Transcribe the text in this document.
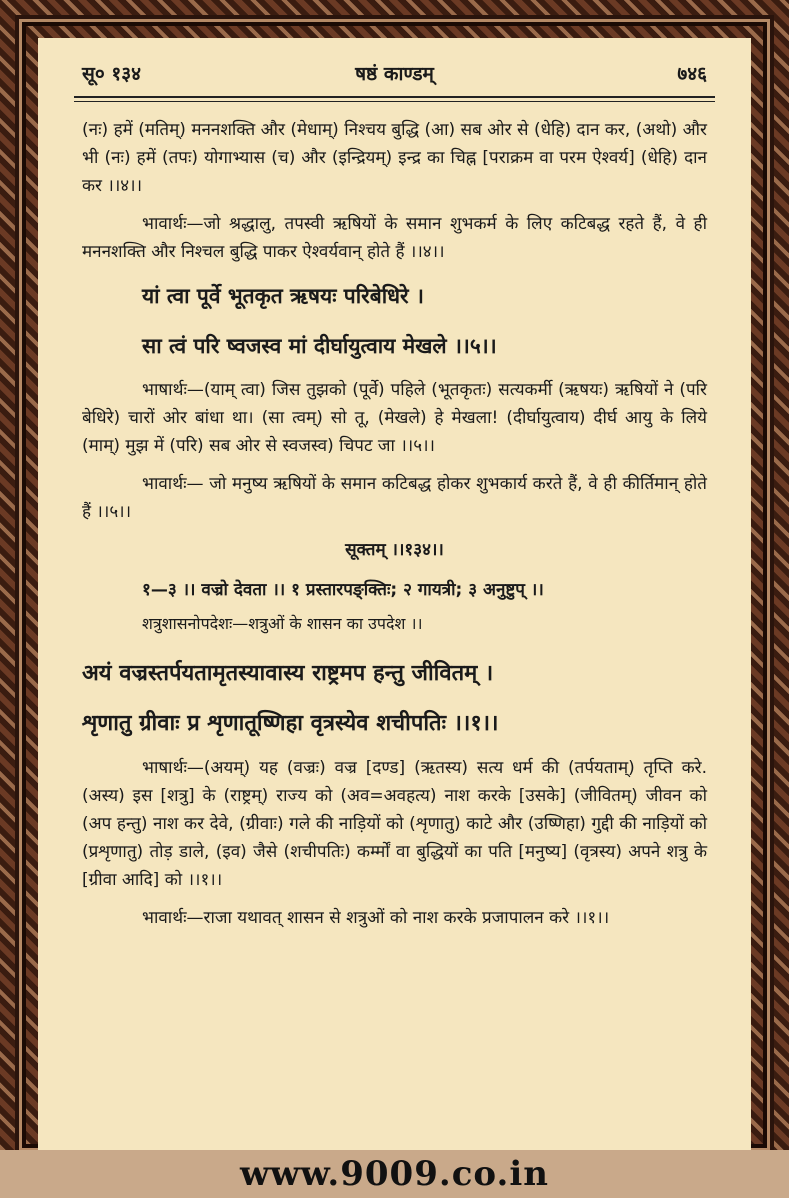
सू० १३४	षष्ठं काण्डम्	७४६

(नः) हमें (मतिम्) मननशक्ति और (मेधाम्) निश्चय बुद्धि (आ) सब ओर से (धेहि) दान कर, (अथो) और भी (नः) हमें (तपः) योगाभ्यास (च) और (इन्द्रियम्) इन्द्र का चिह्न [पराक्रम वा परम ऐश्वर्य] (धेहि) दान कर ।।४।।

भावार्थः—जो श्रद्धालु, तपस्वी ऋषियों के समान शुभकर्म के लिए कटिबद्ध रहते हैं, वे ही मननशक्ति और निश्चल बुद्धि पाकर ऐश्वर्यवान् होते हैं ।।४।।

यां त्वा पूर्वे भूतकृत ऋषयः परिबेधिरे ।
सा त्वं परि ष्वजस्व मां दीर्घायुत्वाय मेखले ।।५।।

भाषार्थः—(याम् त्वा) जिस तुझको (पूर्वे) पहिले (भूतकृतः) सत्यकर्मी (ऋषयः) ऋषियों ने (परि बेधिरे) चारों ओर बांधा था। (सा त्वम्) सो तू, (मेखले) हे मेखला! (दीर्घायुत्वाय) दीर्घ आयु के लिये (माम्) मुझ में (परि) सब ओर से स्वजस्व) चिपट जा ।।५।।

भावार्थः— जो मनुष्य ऋषियों के समान कटिबद्ध होकर शुभकार्य करते हैं, वे ही कीर्तिमान् होते हैं ।।५।।

सूक्तम् ।।१३४।।
१—३ ।। वज्रो देवता ।। १ प्रस्तारपङ्क्तिः; २ गायत्री; ३ अनुष्टुप् ।।
शत्रुशासनोपदेशः—शत्रुओं के शासन का उपदेश ।।
अयं वज्रस्तर्पयतामृतस्यावास्य राष्ट्रमप हन्तु जीवितम् ।
शृणातु ग्रीवाः प्र शृणातूष्णिहा वृत्रस्येव शचीपतिः ।।१।।

भाषार्थः—(अयम्) यह (वज्रः) वज्र [दण्ड] (ऋतस्य) सत्य धर्म की (तर्पयताम्) तृप्ति करे. (अस्य) इस [शत्रु] के (राष्ट्रम्) राज्य को (अव=अवहत्य) नाश करके [उसके] (जीवितम्) जीवन को (अप हन्तु) नाश कर देवे, (ग्रीवाः) गले की नाड़ियों को (शृणातु) काटे और (उष्णिहा) गुद्दी की नाड़ियों को (प्रशृणातु) तोड़ डाले, (इव) जैसे (शचीपतिः) कर्म्मों वा बुद्धियों का पति [मनुष्य] (वृत्रस्य) अपने शत्रु के [ग्रीवा आदि] को ।।१।।

भावार्थः—राजा यथावत् शासन से शत्रुओं को नाश करके प्रजापालन करे ।।१।।

www.9009.co.in
